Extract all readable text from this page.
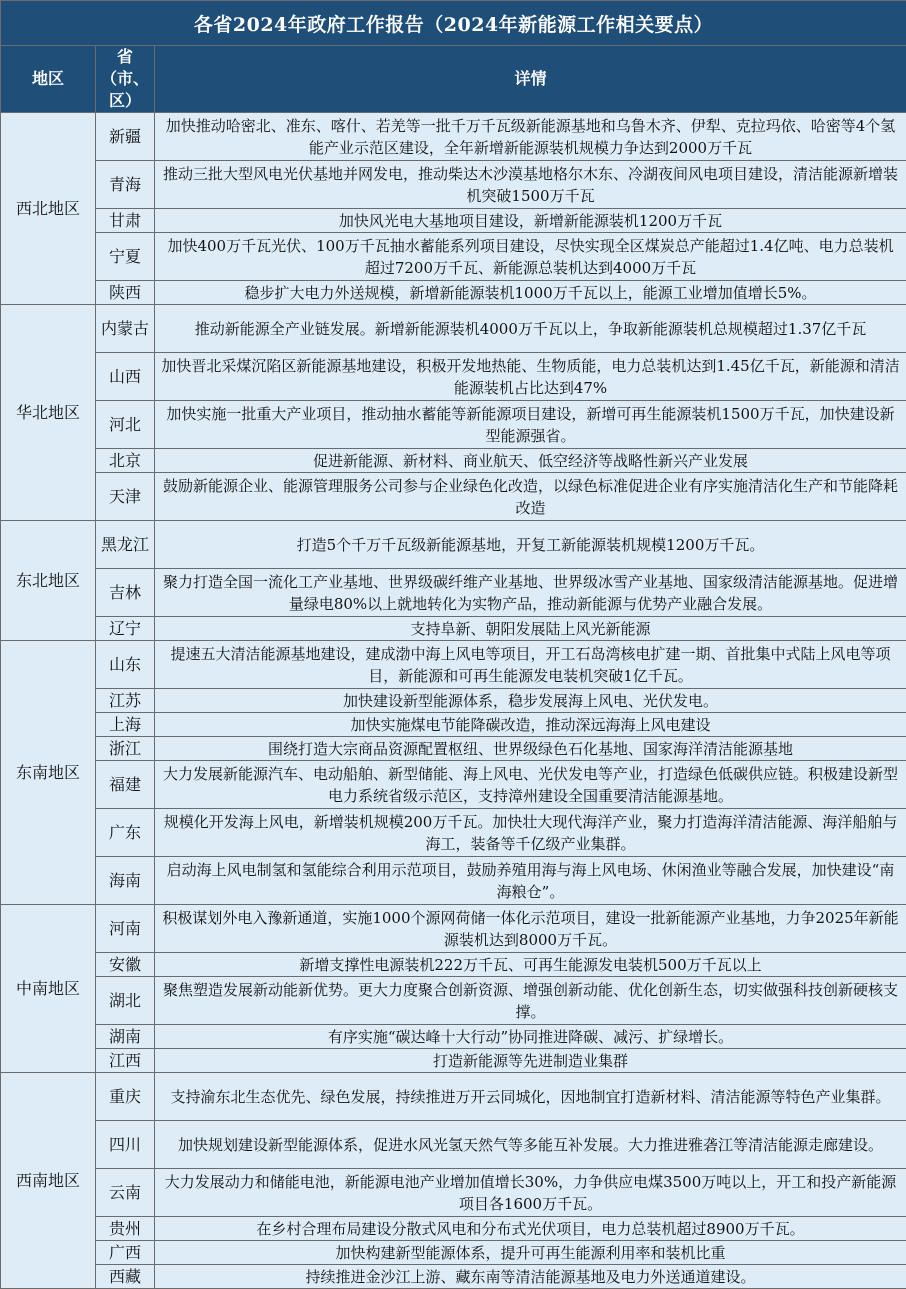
各省2024年政府工作报告（2024年新能源工作相关要点）		
地区	省（市、区）	详情
西北地区	新疆	加快推动哈密北、准东、喀什、若羌等一批千万千瓦级新能源基地和乌鲁木齐、伊犁、克拉玛依、哈密等4个氢能产业示范区建设，全年新增新能源装机规模力争达到2000万千瓦
	青海	推动三批大型风电光伏基地并网发电，推动柴达木沙漠基地格尔木东、冷湖夜间风电项目建设，清洁能源新增装机突破1500万千瓦
	甘肃	加快风光电大基地项目建设，新增新能源装机1200万千瓦
	宁夏	加快400万千瓦光伏、100万千瓦抽水蓄能系列项目建设，尽快实现全区煤炭总产能超过1.4亿吨、电力总装机超过7200万千瓦、新能源总装机达到4000万千瓦
	陕西	稳步扩大电力外送规模，新增新能源装机1000万千瓦以上，能源工业增加值增长5%。
华北地区	内蒙古	推动新能源全产业链发展。新增新能源装机4000万千瓦以上，争取新能源装机总规模超过1.37亿千瓦
	山西	加快晋北采煤沉陷区新能源基地建设，积极开发地热能、生物质能，电力总装机达到1.45亿千瓦，新能源和清洁能源装机占比达到47%
	河北	加快实施一批重大产业项目，推动抽水蓄能等新能源项目建设，新增可再生能源装机1500万千瓦，加快建设新型能源强省。
	北京	促进新能源、新材料、商业航天、低空经济等战略性新兴产业发展
	天津	鼓励新能源企业、能源管理服务公司参与企业绿色化改造，以绿色标准促进企业有序实施清洁化生产和节能降耗改造
东北地区	黑龙江	打造5个千万千瓦级新能源基地，开复工新能源装机规模1200万千瓦。
	吉林	聚力打造全国一流化工产业基地、世界级碳纤维产业基地、世界级冰雪产业基地、国家级清洁能源基地。促进增量绿电80%以上就地转化为实物产品，推动新能源与优势产业融合发展。
	辽宁	支持阜新、朝阳发展陆上风光新能源
东南地区	山东	提速五大清洁能源基地建设，建成渤中海上风电等项目，开工石岛湾核电扩建一期、首批集中式陆上风电等项目，新能源和可再生能源发电装机突破1亿千瓦。
	江苏	加快建设新型能源体系，稳步发展海上风电、光伏发电。
	上海	加快实施煤电节能降碳改造，推动深远海海上风电建设
	浙江	围绕打造大宗商品资源配置枢纽、世界级绿色石化基地、国家海洋清洁能源基地
	福建	大力发展新能源汽车、电动船舶、新型储能、海上风电、光伏发电等产业，打造绿色低碳供应链。积极建设新型电力系统省级示范区，支持漳州建设全国重要清洁能源基地。
	广东	规模化开发海上风电，新增装机规模200万千瓦。加快壮大现代海洋产业，聚力打造海洋清洁能源、海洋船舶与海工，装备等千亿级产业集群。
	海南	启动海上风电制氢和氢能综合利用示范项目，鼓励养殖用海与海上风电场、休闲渔业等融合发展，加快建设“南海粮仓”。
中南地区	河南	积极谋划外电入豫新通道，实施1000个源网荷储一体化示范项目，建设一批新能源产业基地，力争2025年新能源装机达到8000万千瓦。
	安徽	新增支撑性电源装机222万千瓦、可再生能源发电装机500万千瓦以上
	湖北	聚焦塑造发展新动能新优势。更大力度聚合创新资源、增强创新动能、优化创新生态，切实做强科技创新硬核支撑。
	湖南	有序实施“碳达峰十大行动”协同推进降碳、减污、扩绿增长。
	江西	打造新能源等先进制造业集群
西南地区	重庆	支持渝东北生态优先、绿色发展，持续推进万开云同城化，因地制宜打造新材料、清洁能源等特色产业集群。
	四川	加快规划建设新型能源体系，促进水风光氢天然气等多能互补发展。大力推进雅砻江等清洁能源走廊建设。
	云南	大力发展动力和储能电池，新能源电池产业增加值增长30%，力争供应电煤3500万吨以上，开工和投产新能源项目各1600万千瓦。
	贵州	在乡村合理布局建设分散式风电和分布式光伏项目，电力总装机超过8900万千瓦。
	广西	加快构建新型能源体系，提升可再生能源利用率和装机比重
	西藏	持续推进金沙江上游、藏东南等清洁能源基地及电力外送通道建设。
